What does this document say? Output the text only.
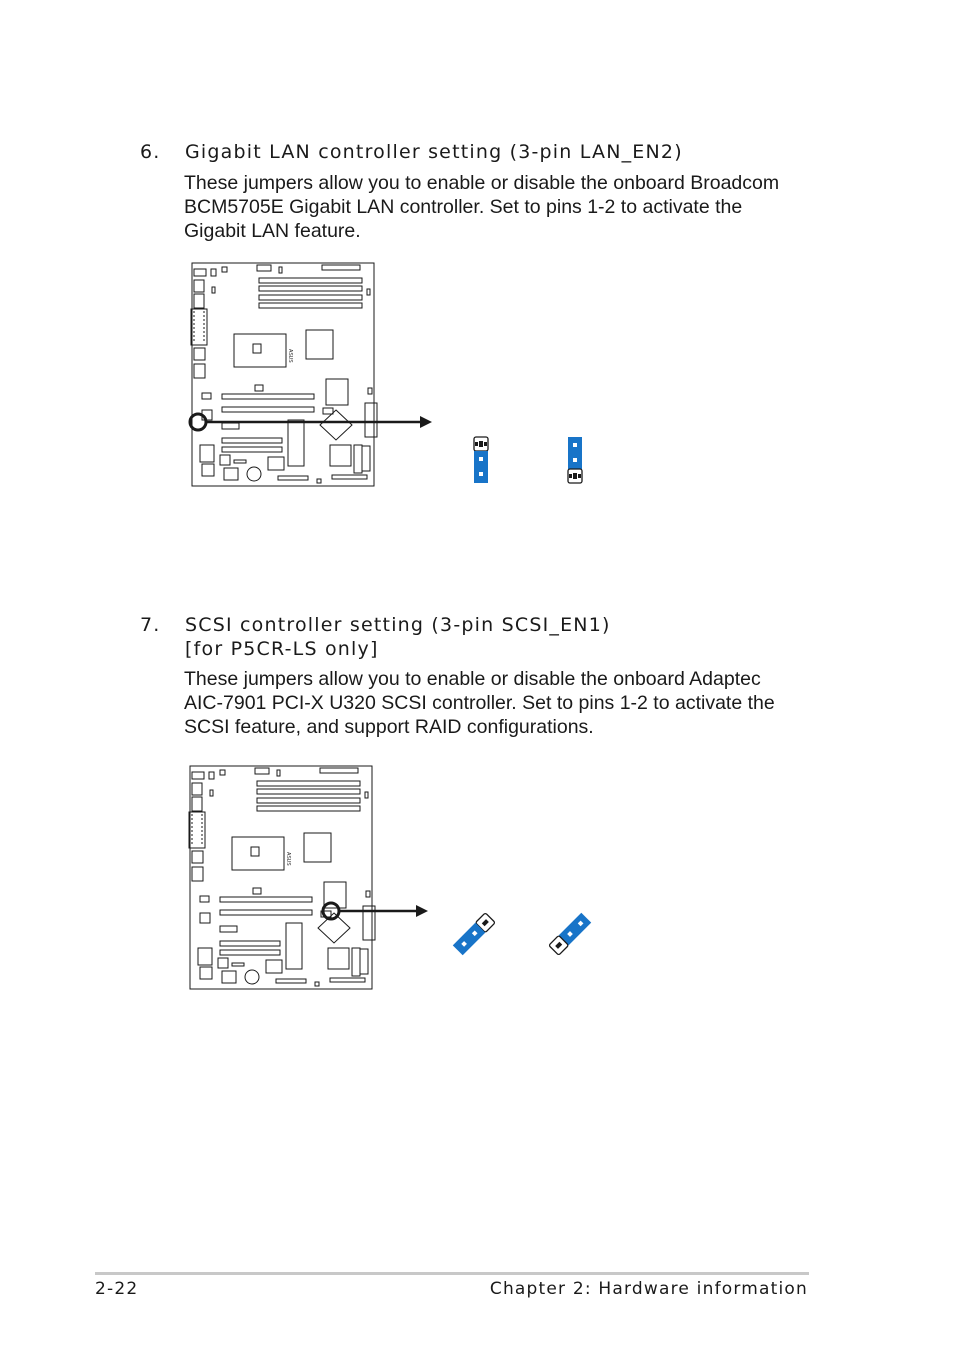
6. Gigabit LAN controller setting (3-pin LAN_EN2)

These jumpers allow you to enable or disable the onboard Broadcom
BCM5705E Gigabit LAN controller. Set to pins 1-2 to activate the
Gigabit LAN feature.

ASUS
7. SCSI controller setting (3-pin SCSI_EN1)
[for P5CR-LS only]

These jumpers allow you to enable or disable the onboard Adaptec
AIC-7901 PCI-X U320 SCSI controller. Set to pins 1-2 to activate the
SCSI feature, and support RAID configurations.

ASUS
2-22	Chapter 2: Hardware information
